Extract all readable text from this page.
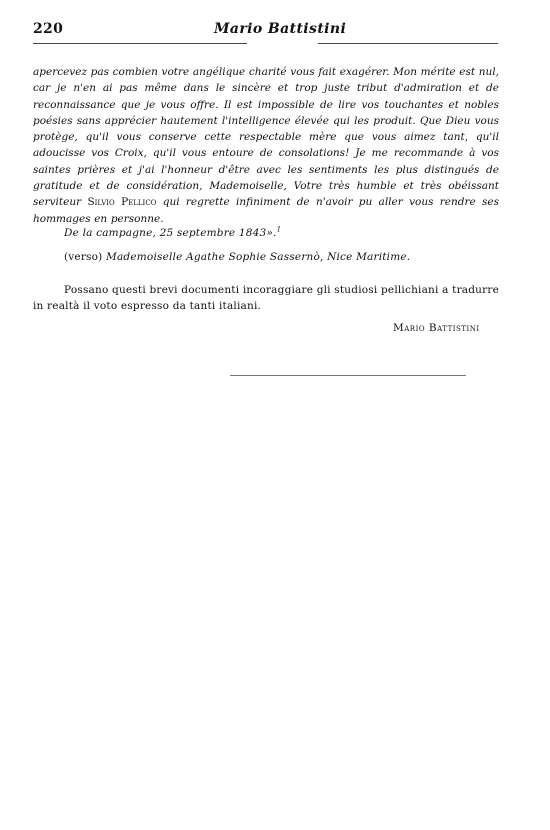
220	Mario Battistini
apercevez pas combien votre angélique charité vous fait exagérer. Mon mérite est nul, car je n'en ai pas même dans le sincère et trop juste tribut d'admiration et de reconnaissance que je vous offre. Il est impossible de lire vos touchantes et nobles poésies sans apprécier hautement l'intelligence élevée qui les produit. Que Dieu vous protège, qu'il vous conserve cette respectable mère que vous aimez tant, qu'il adoucisse vos Croix, qu'il vous entoure de consolations! Je me recommande à vos saintes prières et j'ai l'honneur d'être avec les sentiments les plus distingués de gratitude et de considération, Mademoiselle, Votre très humble et très obéissant serviteur Silvio Pellico qui regrette infiniment de n'avoir pu aller vous rendre ses hommages en personne.
De la campagne, 25 septembre 1843».$^1$
(verso) Mademoiselle Agathe Sophie Sassernò, Nice Maritime.
Possano questi brevi documenti incoraggiare gli studiosi pellichiani a tradurre in realtà il voto espresso da tanti italiani.
Mario Battistini
